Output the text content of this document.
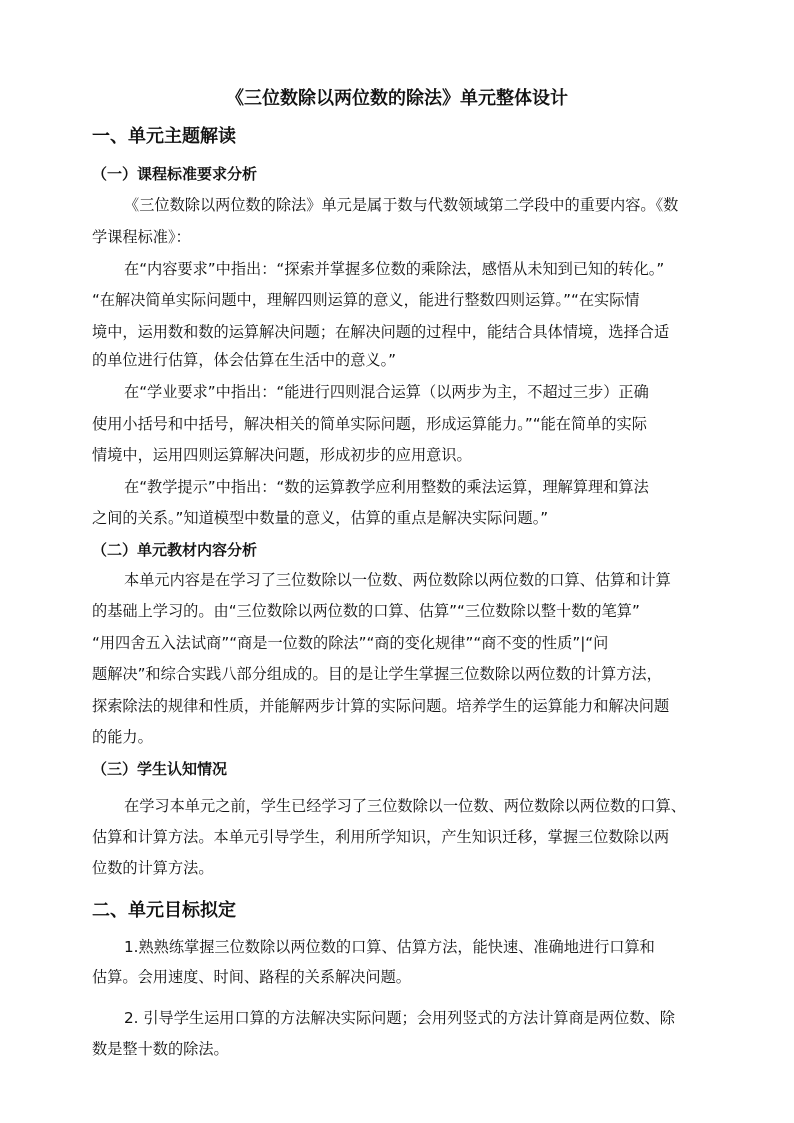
《三位数除以两位数的除法》单元整体设计
一、单元主题解读
（一）课程标准要求分析
《三位数除以两位数的除法》单元是属于数与代数领域第二学段中的重要内容。《数
学课程标准》：
在“内容要求”中指出：“探索并掌握多位数的乘除法，感悟从未知到已知的转化。”
“在解决简单实际问题中，理解四则运算的意义，能进行整数四则运算。”“在实际情
境中，运用数和数的运算解决问题；在解决问题的过程中，能结合具体情境，选择合适
的单位进行估算，体会估算在生活中的意义。”
在“学业要求”中指出：“能进行四则混合运算（以两步为主，不超过三步）正确
使用小括号和中括号，解决相关的简单实际问题，形成运算能力。”“能在简单的实际
情境中，运用四则运算解决问题，形成初步的应用意识。
在“教学提示”中指出：“数的运算教学应利用整数的乘法运算，理解算理和算法
之间的关系。”知道模型中数量的意义，估算的重点是解决实际问题。”
（二）单元教材内容分析
本单元内容是在学习了三位数除以一位数、两位数除以两位数的口算、估算和计算
的基础上学习的。由“三位数除以两位数的口算、估算”“三位数除以整十数的笔算”
“用四舍五入法试商”“商是一位数的除法”“商的变化规律”“商不变的性质”|“问
题解决”和综合实践八部分组成的。目的是让学生掌握三位数除以两位数的计算方法，
探索除法的规律和性质，并能解两步计算的实际问题。培养学生的运算能力和解决问题
的能力。
（三）学生认知情况
在学习本单元之前，学生已经学习了三位数除以一位数、两位数除以两位数的口算、
估算和计算方法。本单元引导学生，利用所学知识，产生知识迁移，掌握三位数除以两
位数的计算方法。
二、单元目标拟定
1.熟熟练掌握三位数除以两位数的口算、估算方法，能快速、准确地进行口算和
估算。会用速度、时间、路程的关系解决问题。
2. 引导学生运用口算的方法解决实际问题；会用列竖式的方法计算商是两位数、除
数是整十数的除法。
